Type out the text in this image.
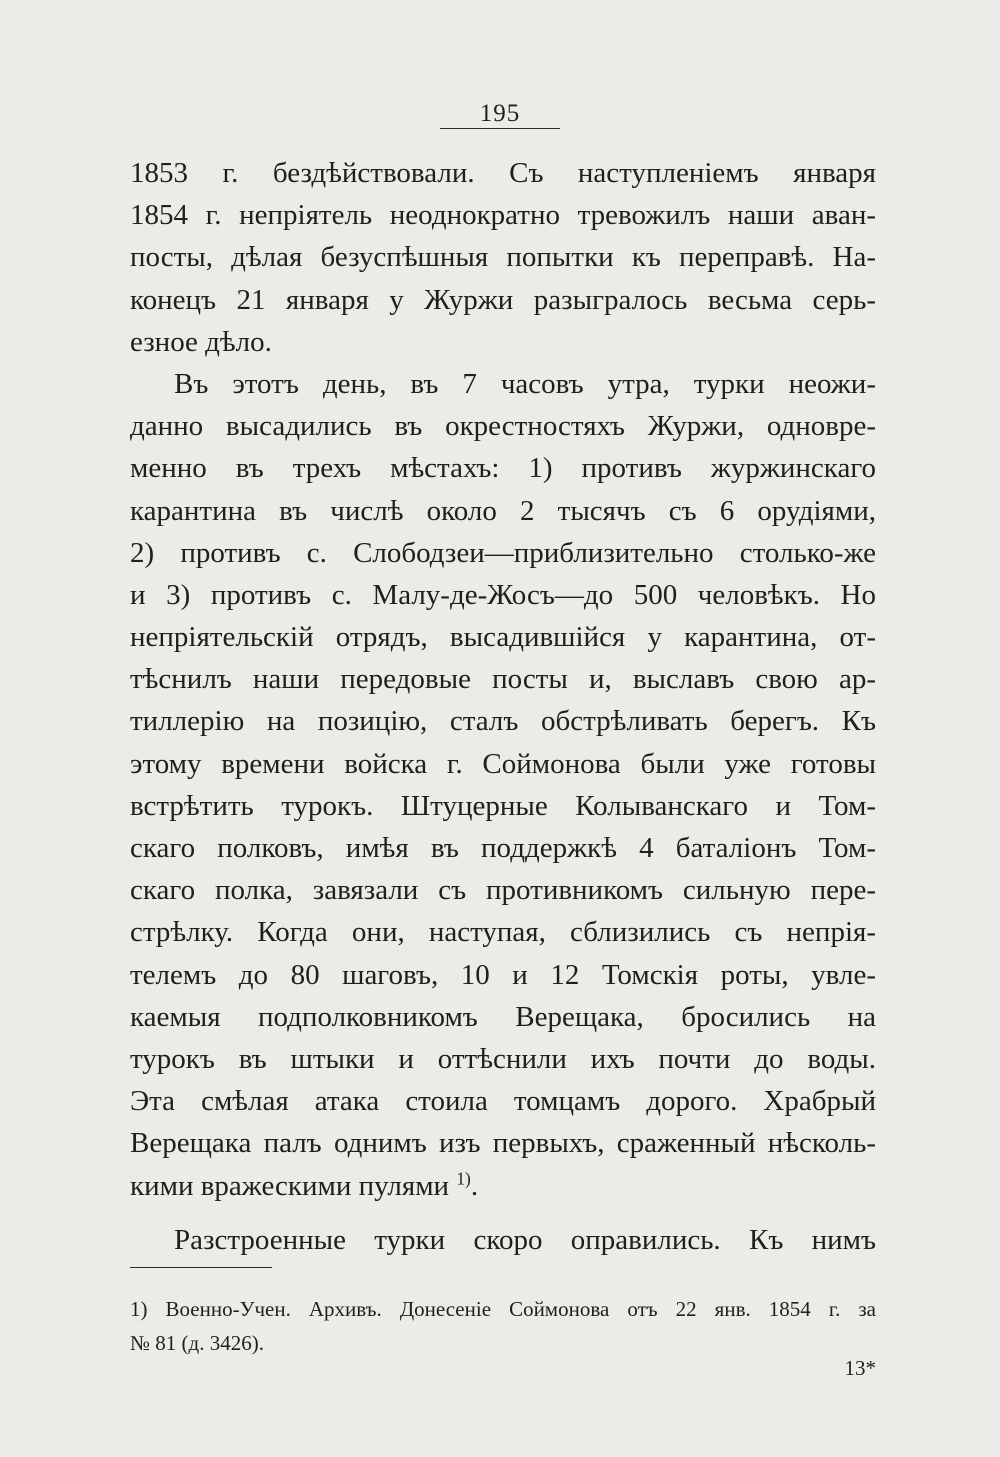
195
1853 г. бездѣйствовали. Съ наступленіемъ января
1854 г. непріятель неоднократно тревожилъ наши аван-
посты, дѣлая безуспѣшныя попытки къ переправѣ. На-
конецъ 21 января у Журжи разыгралось весьма серь-
езное дѣло.
Въ этотъ день, въ 7 часовъ утра, турки неожи-
данно высадились въ окрестностяхъ Журжи, одновре-
менно въ трехъ мѣстахъ: 1) противъ журжинскаго
карантина въ числѣ около 2 тысячъ съ 6 орудіями,
2) противъ с. Слободзеи—приблизительно столько-же
и 3) противъ с. Малу-де-Жосъ—до 500 человѣкъ. Но
непріятельскій отрядъ, высадившійся у карантина, от-
тѣснилъ наши передовые посты и, выславъ свою ар-
тиллерію на позицію, сталъ обстрѣливать берегъ. Къ
этому времени войска г. Соймонова были уже готовы
встрѣтить турокъ. Штуцерные Колыванскаго и Том-
скаго полковъ, имѣя въ поддержкѣ 4 баталіонъ Том-
скаго полка, завязали съ противникомъ сильную пере-
стрѣлку. Когда они, наступая, сблизились съ непрія-
телемъ до 80 шаговъ, 10 и 12 Томскія роты, увле-
каемыя подполковникомъ Верещака, бросились на
турокъ въ штыки и оттѣснили ихъ почти до воды.
Эта смѣлая атака стоила томцамъ дорого. Храбрый
Верещака палъ однимъ изъ первыхъ, сраженный нѣсколь-
кими вражескими пулями $^{1)}$.
Разстроенные турки скоро оправились. Къ нимъ
1) Военно-Учен. Архивъ. Донесеніе Соймонова отъ 22 янв. 1854 г. за
№ 81 (д. 3426).
13*
